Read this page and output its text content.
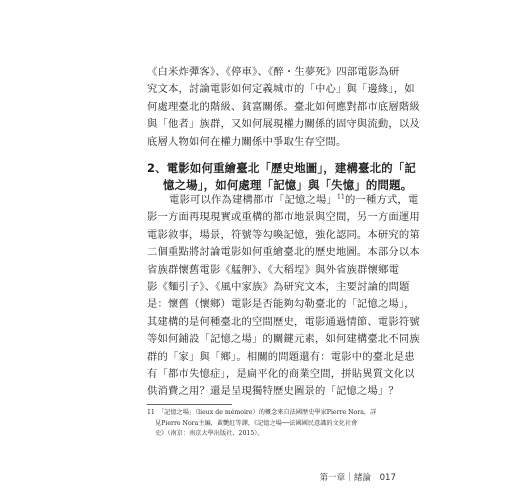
《白米炸彈客》、《停車》、《醉・生夢死》四部電影為研
究文本，討論電影如何定義城市的「中心」與「邊緣」，如
何處理臺北的階級、貧富關係。臺北如何應對都市底層階級
與「他者」族群，又如何展現權力關係的固守與流動，以及
底層人物如何在權力關係中爭取生存空間。
2、電影如何重繪臺北「歷史地圖」，建構臺北的「記
憶之場」，如何處理「記憶」與「失憶」的問題。
電影可以作為建構都市「記憶之場」$^{11}$的一種方式，電
影一方面再現現實或重構的都市地景與空間，另一方面運用
電影敘事，場景，符號等勾喚記憶，強化認同。本研究的第
二個重點將討論電影如何重繪臺北的歷史地圖。本部分以本
省族群懷舊電影《艋舺》、《大稻埕》與外省族群懷鄉電
影《麵引子》、《風中家族》為研究文本，主要討論的問題
是：懷舊（懷鄉）電影是否能夠勾勒臺北的「記憶之場」，
其建構的是何種臺北的空間歷史，電影通過情節、電影符號
等如何鋪設「記憶之場」的關鍵元素，如何建構臺北不同族
群的「家」與「鄉」。相關的問題還有：電影中的臺北是患
有「都市失憶症」，是扁平化的商業空間，拼貼異質文化以
供消費之用？還是呈現獨特歷史圖景的「記憶之場」？
11　「記憶之場」（lieux de mémoire）的概念來自法國歷史學家Pierre Nora，詳
見Pierre Nora主編，黃艷紅等譯，《記憶之場──法國國民意識的文化社會
史》（南京：南京大學出版社，2015）。
第一章｜緒論　017
